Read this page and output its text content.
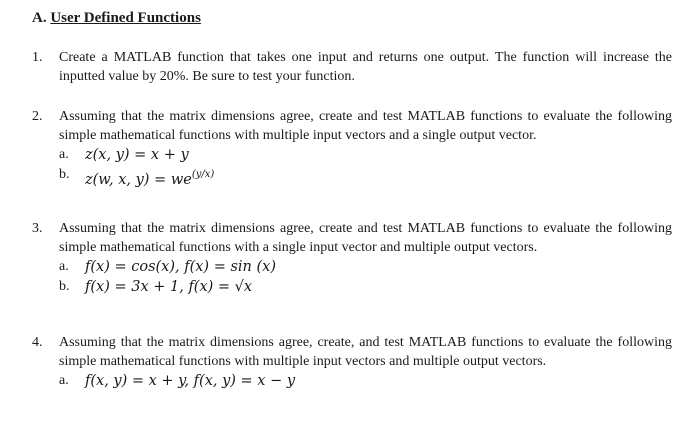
A. User Defined Functions
1. Create a MATLAB function that takes one input and returns one output. The function will increase the inputted value by 20%. Be sure to test your function.
2. Assuming that the matrix dimensions agree, create and test MATLAB functions to evaluate the following simple mathematical functions with multiple input vectors and a single output vector.
a. z(x, y) = x + y
b. z(w, x, $y) = we^{(y/x)}$
3. Assuming that the matrix dimensions agree, create and test MATLAB functions to evaluate the following simple mathematical functions with a single input vector and multiple output vectors.
a. f(x) = cos(x), f(x) = sin (x)
b. f(x) = 3x + 1, f(x) = √x
4. Assuming that the matrix dimensions agree, create, and test MATLAB functions to evaluate the following simple mathematical functions with multiple input vectors and multiple output vectors.
a. f(x, y) = x + y, f(x, y) = x − y
